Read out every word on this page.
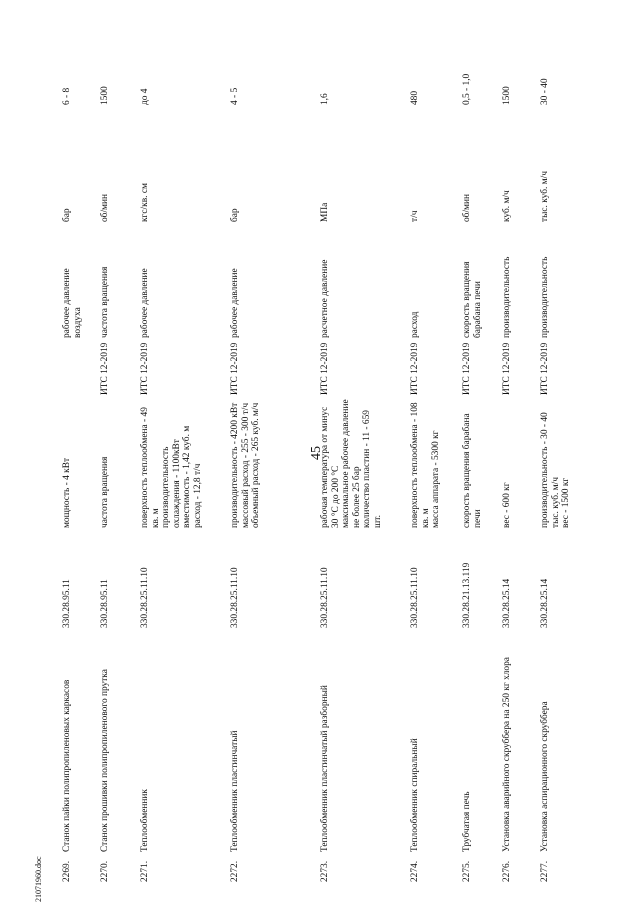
45
21071960.doc 2269.
Станок пайки полипропиленовых каркасов
330.28.95.11
мощность - 4 кВт
рабочее давление воздуха
бар
6 - 8
2270.
Станок прошивки полипропиленового прутка
330.28.95.11
частота вращения
ИТС 12-2019
частота вращения
об/мин
1500
2271.
Теплообменник
330.28.25.11.10
поверхность теплообмена - 49 кв. м
производительность охлаждения - 1100кВт
вместимость - 1,42 куб. м
расход - 12,8 т/ч
ИТС 12-2019
рабочее давление
кгс/кв. см
до 4
2272.
Теплообменник пластинчатый
330.28.25.11.10
производительность - 4200 кВт
массовый расход - 255 - 300 т/ч
объемный расход - 265 куб. м/ч
ИТС 12-2019
рабочее давление
бар
4 - 5
2273.
Теплообменник пластинчатый разборный
330.28.25.11.10
рабочая температура от минус 30 °C до 200 °C
максимальное рабочее давление не более 25 бар
количество пластин - 11 - 659 шт.
ИТС 12-2019
расчетное давление
МПа
1,6
2274.
Теплообменник спиральный
330.28.25.11.10
поверхность теплообмена - 108 кв. м
масса аппарата - 5300 кг
ИТС 12-2019
расход
т/ч
480
2275.
Трубчатая печь
330.28.21.13.119
скорость вращения барабана печи
ИТС 12-2019
скорость вращения барабана печи
об/мин
0,5 - 1,0
2276.
Установка аварийного скруббера на 250 кг хлора
330.28.25.14
вес - 600 кг
ИТС 12-2019
производительность
куб. м/ч
1500
2277.
Установка аспирационного скруббера
330.28.25.14
производительность - 30 - 40 тыс. куб. м/ч
вес - 1500 кг
ИТС 12-2019
производительность
тыс. куб. м/ч
30 - 40
